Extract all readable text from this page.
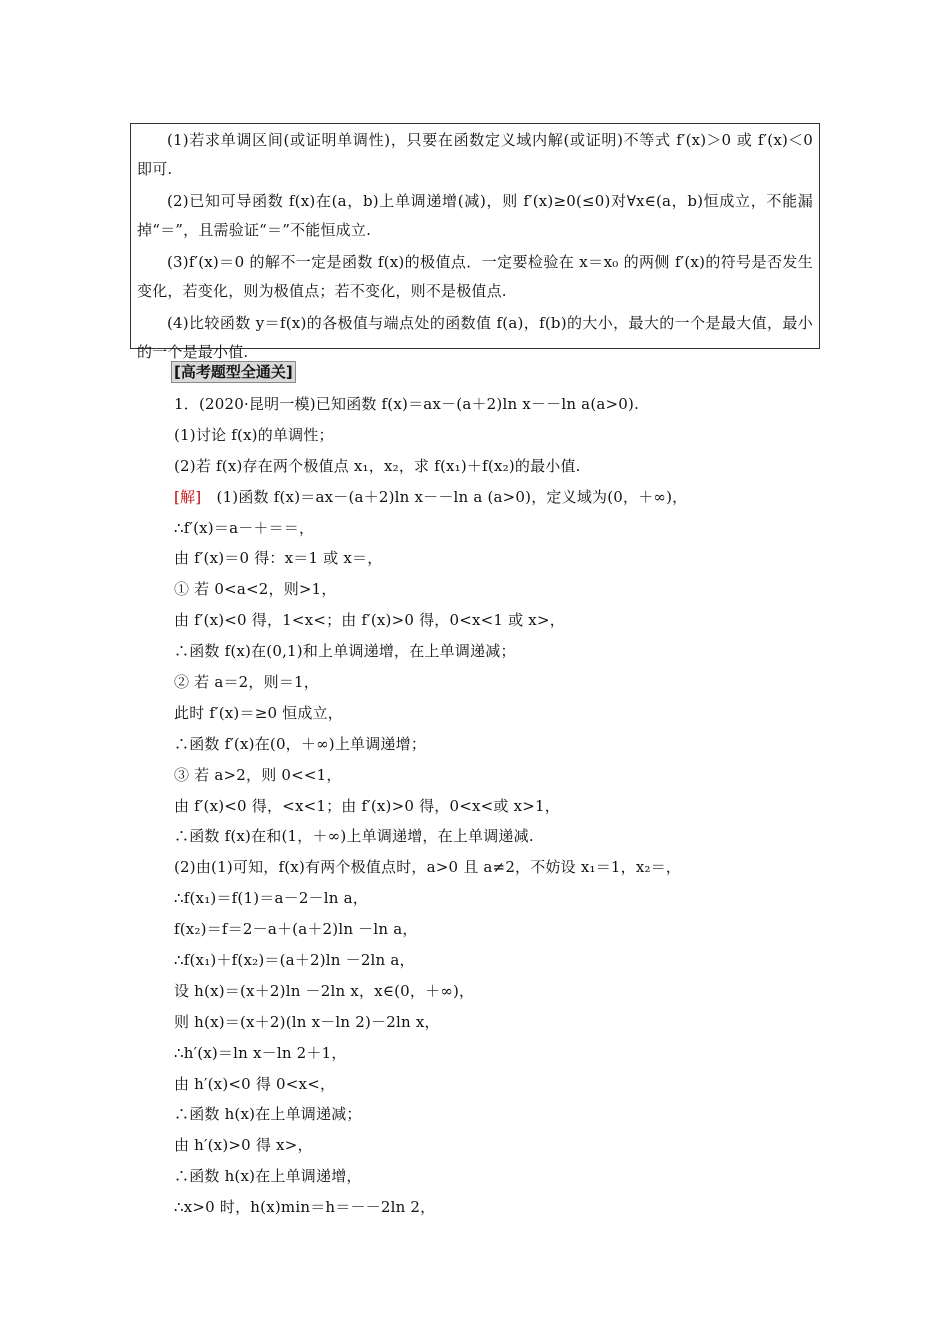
(1)若求单调区间(或证明单调性)，只要在函数定义域内解(或证明)不等式 f′(x)＞0 或 f′(x)＜0 即可.

(2)已知可导函数 f(x)在(a，b)上单调递增(减)，则 f′(x)≥0(≤0)对∀x∈(a，b)恒成立，不能漏掉“＝”，且需验证“＝”不能恒成立.

(3)f′(x)＝0 的解不一定是函数 f(x)的极值点．一定要检验在 x＝x₀ 的两侧 f′(x)的符号是否发生变化，若变化，则为极值点；若不变化，则不是极值点.

(4)比较函数 y＝f(x)的各极值与端点处的函数值 f(a)，f(b)的大小，最大的一个是最大值，最小的一个是最小值.

[高考题型全通关]
1．(2020·昆明一模)已知函数 f(x)＝ax－(a＋2)ln x－－ln a(a>0).
(1)讨论 f(x)的单调性；
(2)若 f(x)存在两个极值点 x₁，x₂，求 f(x₁)＋f(x₂)的最小值.
[解]　(1)函数 f(x)＝ax－(a＋2)ln x－－ln a (a>0)，定义域为(0，＋∞)，
∴f′(x)＝a－＋＝＝，
由 f′(x)＝0 得：x＝1 或 x＝，
① 若 0<a<2，则>1，
由 f′(x)<0 得，1<x<；由 f′(x)>0 得，0<x<1 或 x>，
∴函数 f(x)在(0,1)和上单调递增，在上单调递减；
② 若 a＝2，则＝1，
此时 f′(x)＝≥0 恒成立，
∴函数 f′(x)在(0，＋∞)上单调递增；
③ 若 a>2，则 0<<1，
由 f′(x)<0 得，<x<1；由 f′(x)>0 得，0<x<或 x>1，
∴函数 f(x)在和(1，＋∞)上单调递增，在上单调递减.
(2)由(1)可知，f(x)有两个极值点时，a>0 且 a≠2，不妨设 x₁＝1，x₂＝，
∴f(x₁)＝f(1)＝a－2－ln a，
f(x₂)＝f＝2－a＋(a＋2)ln －ln a，
∴f(x₁)＋f(x₂)＝(a＋2)ln －2ln a，
设 h(x)＝(x＋2)ln －2ln x，x∈(0，＋∞)，
则 h(x)＝(x＋2)(ln x－ln 2)－2ln x，
∴h′(x)＝ln x－ln 2＋1，
由 h′(x)<0 得 0<x<，
∴函数 h(x)在上单调递减；
由 h′(x)>0 得 x>，
∴函数 h(x)在上单调递增，
∴x>0 时，h(x)min＝h＝－－2ln 2，
